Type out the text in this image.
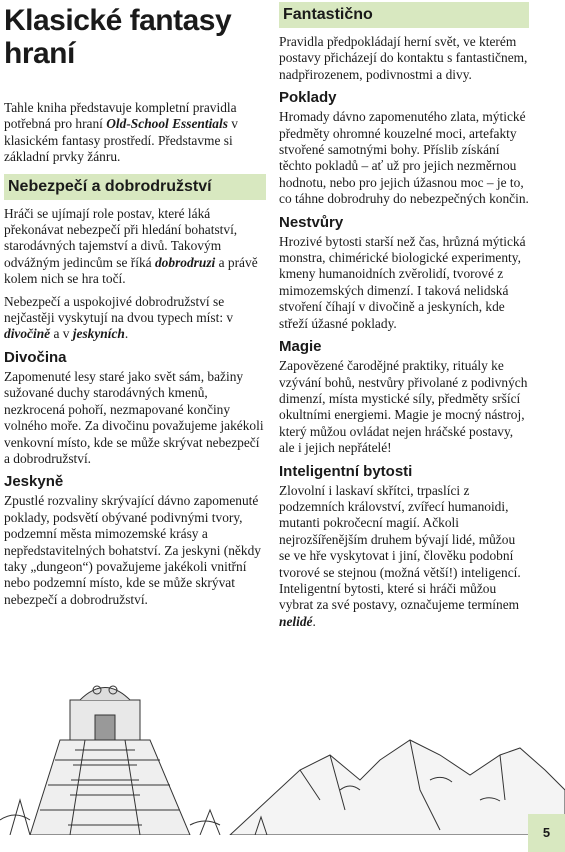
Klasické fantasy
hraní

Tahle kniha představuje kompletní pravidla potřebná pro hraní Old-School Essentials v klasickém fantasy prostředí. Představme si základní prvky žánru.

Nebezpečí a dobrodružství

Hráči se ujímají role postav, které láká překonávat nebezpečí při hledání bohatství, starodávných tajemství a divů. Takovým odvážným jedincům se říká dobrodruzi a právě kolem nich se hra točí.

Nebezpečí a uspokojivé dobrodružství se nejčastěji vyskytují na dvou typech míst: v divočině a v jeskyních.

Divočina

Zapomenuté lesy staré jako svět sám, bažiny sužované duchy starodávných kmenů, nezkrocená pohoří, nezmapované končiny volného moře. Za divočinu považujeme jakékoli venkovní místo, kde se může skrývat nebezpečí a dobrodružství.

Jeskyně

Zpustlé rozvaliny skrývající dávno zapomenuté poklady, podsvětí obývané podivnými tvory, podzemní města mimozemské krásy a nepředstavitelných bohatství. Za jeskyni (někdy taky „dungeon“) považujeme jakékoli vnitřní nebo podzemní místo, kde se může skrývat nebezpečí a dobrodružství.

Fantastično

Pravidla předpokládají herní svět, ve kterém postavy přicházejí do kontaktu s fantastičnem, nadpřirozenem, podivnostmi a divy.

Poklady

Hromady dávno zapomenutého zlata, mýtické předměty ohromné kouzelné moci, artefakty stvořené samotnými bohy. Příslib získání těchto pokladů – ať už pro jejich nezměrnou hodnotu, nebo pro jejich úžasnou moc – je to, co táhne dobrodruhy do nebezpečných končin.

Nestvůry

Hrozivé bytosti starší než čas, hrůzná mýtická monstra, chimérické biologické experimenty, kmeny humanoidních zvěrolidí, tvorové z mimozemských dimenzí. I taková nelidská stvoření číhají v divočině a jeskyních, kde střeží úžasné poklady.

Magie

Zapovězené čarodějné praktiky, rituály ke vzývání bohů, nestvůry přivolané z podivných dimenzí, místa mystické síly, předměty sršící okultními energiemi. Magie je mocný nástroj, který můžou ovládat nejen hráčské postavy, ale i jejich nepřátelé!

Inteligentní bytosti

Zlovolní i laskaví skřítci, trpaslíci z podzemních království, zvířecí humanoidi, mutanti pokročecní magií. Ačkoli nejrozšířenějším druhem bývají lidé, můžou se ve hře vyskytovat i jiní, člověku podobní tvorové se stejnou (možná větší!) inteligencí. Inteligentní bytosti, které si hráči můžou vybrat za své postavy, označujeme termínem nelidé.

5
